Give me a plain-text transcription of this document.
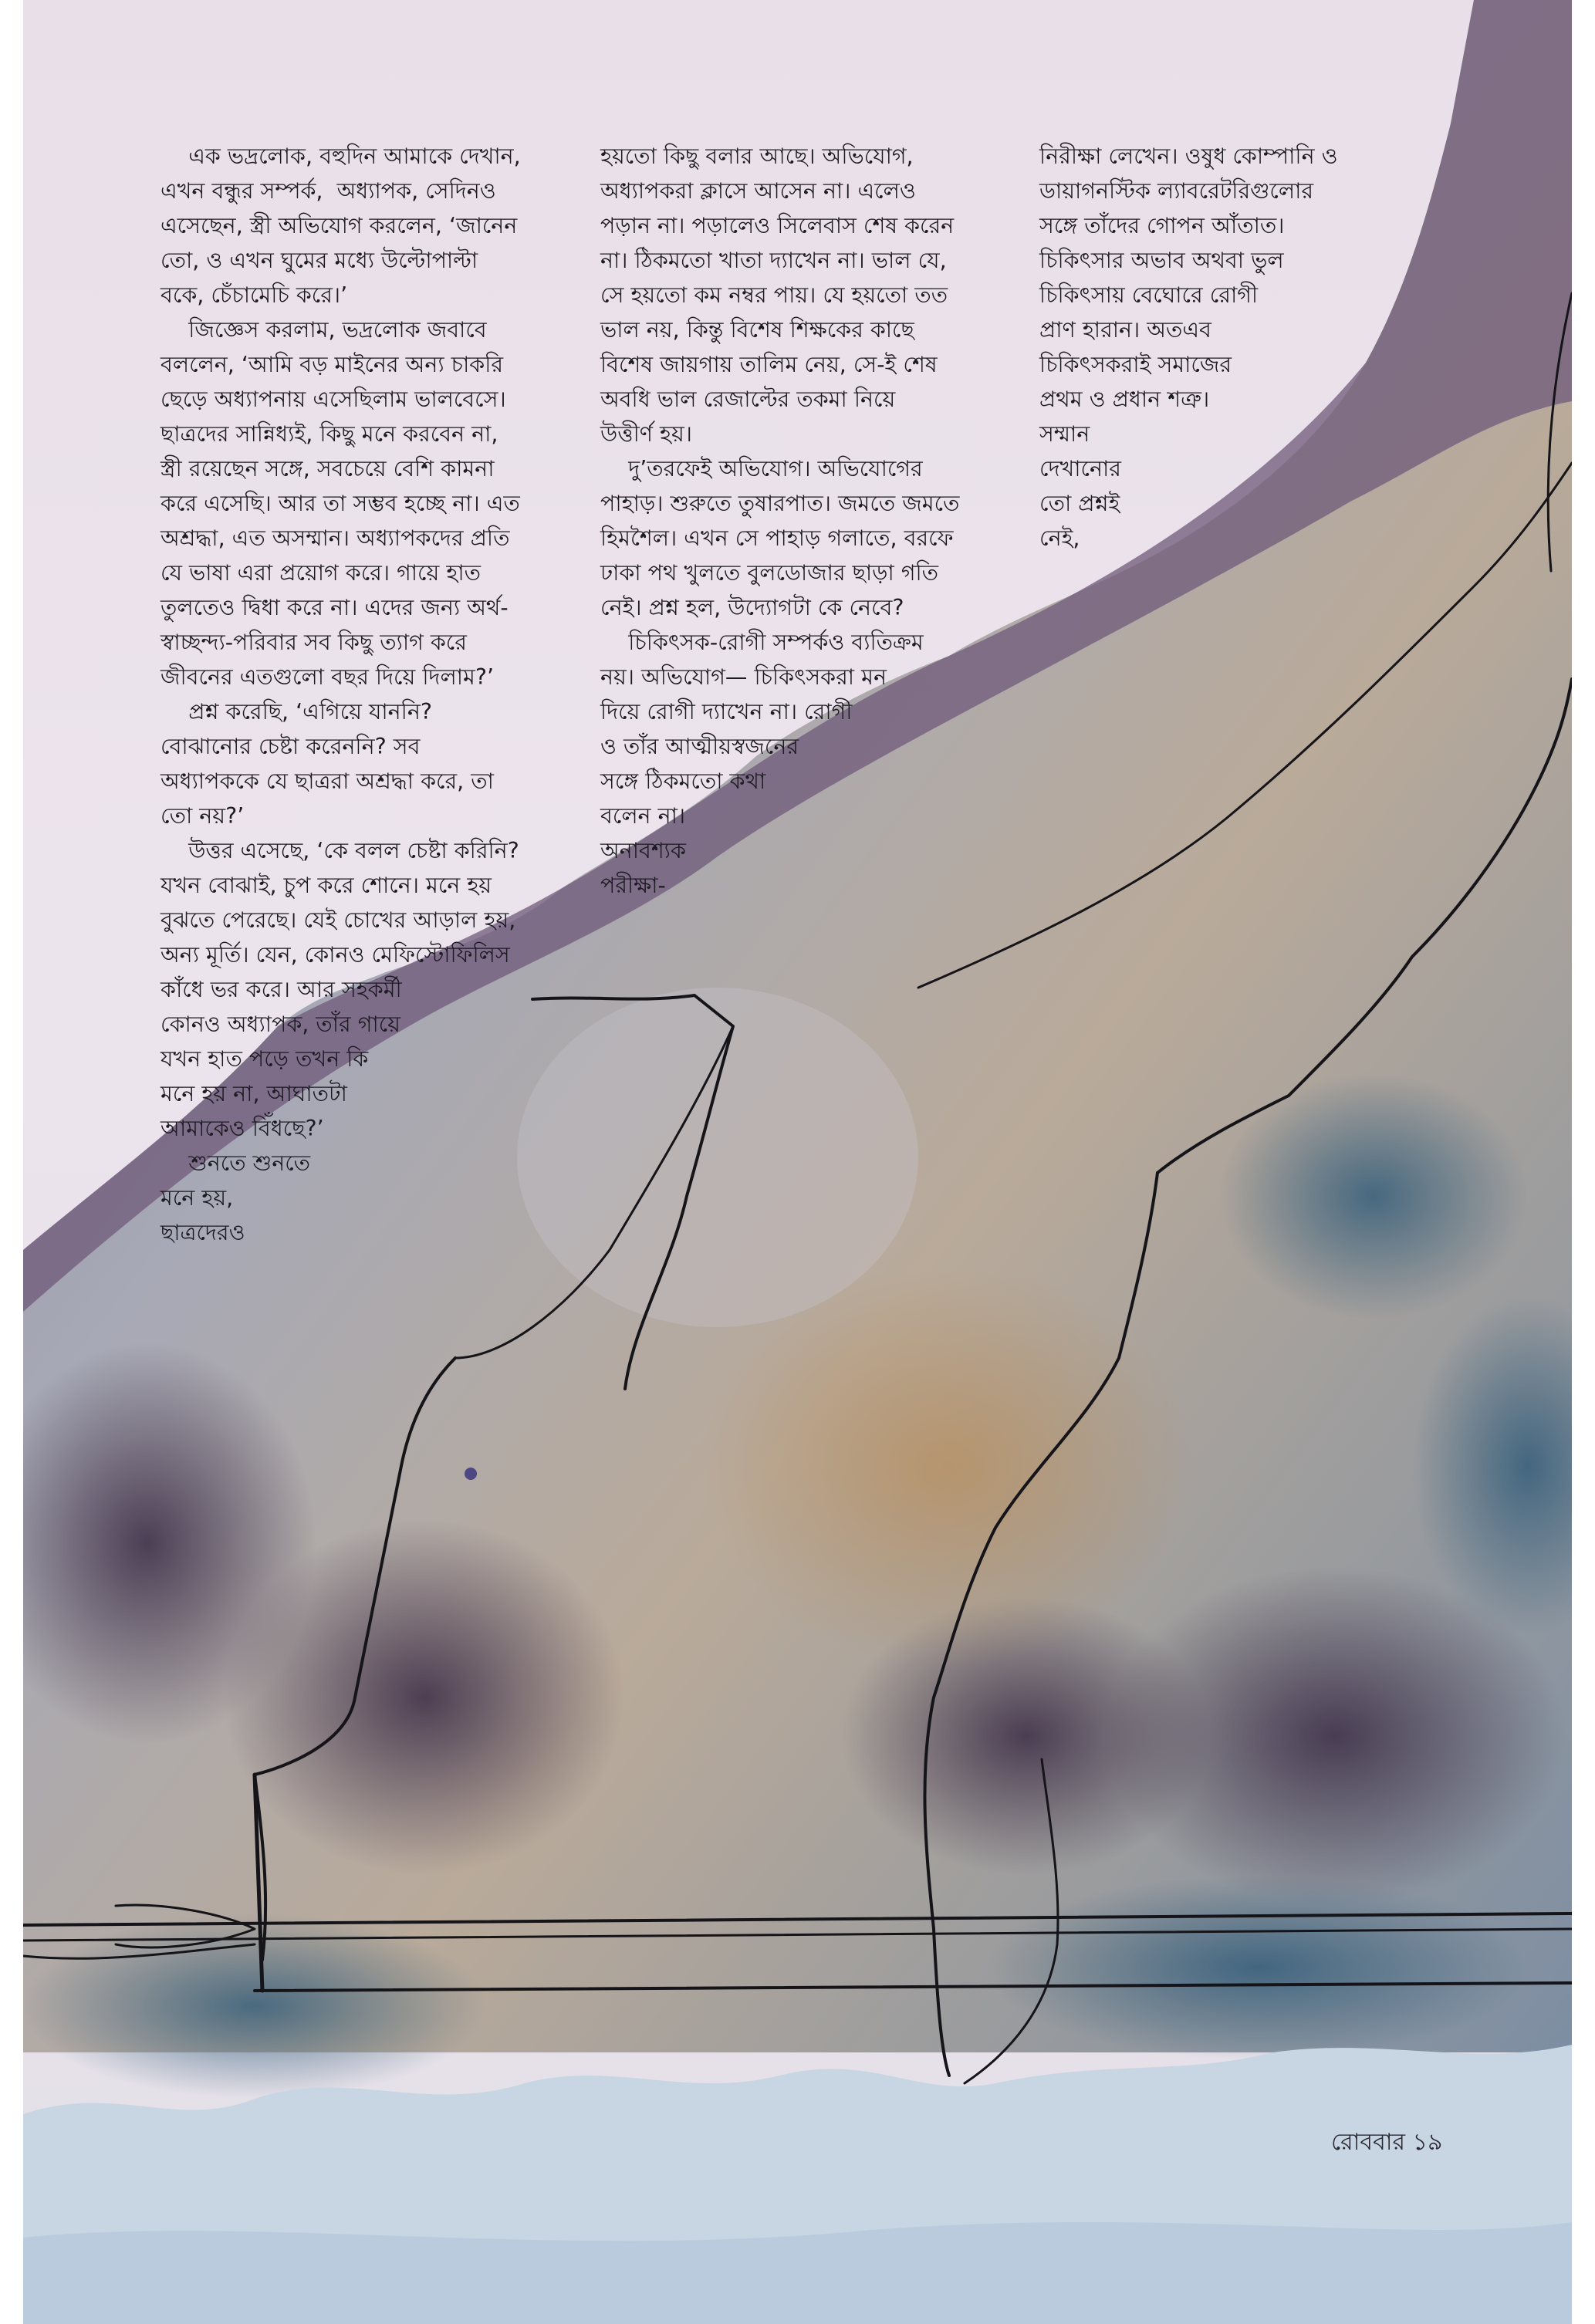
এক ভদ্রলোক, বহুদিন আমাকে দেখান,
এখন বন্ধুর সম্পর্ক,  অধ্যাপক, সেদিনও
এসেছেন, স্ত্রী অভিযোগ করলেন, ‘জানেন
তো, ও এখন ঘুমের মধ্যে উল্টোপাল্টা
বকে, চেঁচামেচি করে।’
জিজ্ঞেস করলাম, ভদ্রলোক জবাবে
বললেন, ‘আমি বড় মাইনের অন্য চাকরি
ছেড়ে অধ্যাপনায় এসেছিলাম ভালবেসে।
ছাত্রদের সান্নিধ্যই, কিছু মনে করবেন না,
স্ত্রী রয়েছেন সঙ্গে, সবচেয়ে বেশি কামনা
করে এসেছি। আর তা সম্ভব হচ্ছে না। এত
অশ্রদ্ধা, এত অসম্মান। অধ্যাপকদের প্রতি
যে ভাষা এরা প্রয়োগ করে। গায়ে হাত
তুলতেও দ্বিধা করে না। এদের জন্য অর্থ-
স্বাচ্ছন্দ্য-পরিবার সব কিছু ত্যাগ করে
জীবনের এতগুলো বছর দিয়ে দিলাম?’
প্রশ্ন করেছি, ‘এগিয়ে যাননি?
বোঝানোর চেষ্টা করেননি? সব
অধ্যাপককে যে ছাত্ররা অশ্রদ্ধা করে, তা
তো নয়?’
উত্তর এসেছে, ‘কে বলল চেষ্টা করিনি?
যখন বোঝাই, চুপ করে শোনে। মনে হয়
বুঝতে পেরেছে। যেই চোখের আড়াল হয়,
অন্য মূর্তি। যেন, কোনও মেফিস্টোফিলিস
কাঁধে ভর করে। আর সহকর্মী
কোনও অধ্যাপক, তাঁর গায়ে
যখন হাত পড়ে তখন কি
মনে হয় না, আঘাতটা
আমাকেও বিঁধছে?’
শুনতে শুনতে
মনে হয়,
ছাত্রদেরও
হয়তো কিছু বলার আছে। অভিযোগ,
অধ্যাপকরা ক্লাসে আসেন না। এলেও
পড়ান না। পড়ালেও সিলেবাস শেষ করেন
না। ঠিকমতো খাতা দ্যাখেন না। ভাল যে,
সে হয়তো কম নম্বর পায়। যে হয়তো তত
ভাল নয়, কিন্তু বিশেষ শিক্ষকের কাছে
বিশেষ জায়গায় তালিম নেয়, সে-ই শেষ
অবধি ভাল রেজাল্টের তকমা নিয়ে
উত্তীর্ণ হয়।
দু’তরফেই অভিযোগ। অভিযোগের
পাহাড়। শুরুতে তুষারপাত। জমতে জমতে
হিমশৈল। এখন সে পাহাড় গলাতে, বরফে
ঢাকা পথ খুলতে বুলডোজার ছাড়া গতি
নেই। প্রশ্ন হল, উদ্যোগটা কে নেবে?
চিকিৎসক-রোগী সম্পর্কও ব্যতিক্রম
নয়। অভিযোগ— চিকিৎসকরা মন
দিয়ে রোগী দ্যাখেন না। রোগী
ও তাঁর আত্মীয়স্বজনের
সঙ্গে ঠিকমতো কথা
বলেন না।
অনাবশ্যক
পরীক্ষা-
নিরীক্ষা লেখেন। ওষুধ কোম্পানি ও
ডায়াগনস্টিক ল্যাবরেটরিগুলোর
সঙ্গে তাঁদের গোপন আঁতাত।
চিকিৎসার অভাব অথবা ভুল
চিকিৎসায় বেঘোরে রোগী
প্রাণ হারান। অতএব
চিকিৎসকরাই সমাজের
প্রথম ও প্রধান শত্রু।
সম্মান
দেখানোর
তো প্রশ্নই
নেই,
রোববার ১৯
